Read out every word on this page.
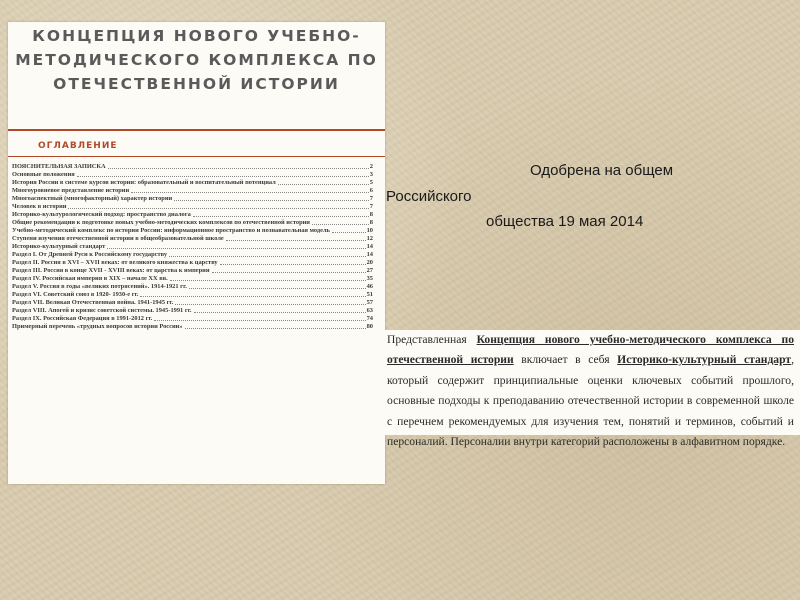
КОНЦЕПЦИЯ НОВОГО УЧЕБНО-
МЕТОДИЧЕСКОГО КОМПЛЕКСА ПО
ОТЕЧЕСТВЕННОЙ ИСТОРИИ
ОГЛАВЛЕНИЕ
ПОЯСНИТЕЛЬНАЯ ЗАПИСКА	2
Основные положения	3
История России в системе курсов истории: образовательный и воспитательный потенциал	5
Многоуровневое представление истории	6
Многоаспектный (многофакторный) характер истории	7
Человек в истории	7
Историко-культурологический подход: пространство диалога	8
Общие рекомендации к подготовке новых учебно-методических комплексов по отечественной истории	8
Учебно-методический комплекс по истории России: информационное пространство и познавательная модель	10
Ступени изучения отечественной истории в общеобразовательной школе	12
Историко-культурный стандарт	14
Раздел I. От Древней Руси к Российскому государству	14
Раздел II. Россия в XVI – XVII веках: от великого княжества к царству	20
Раздел III. Россия в конце XVII - XVIII веках: от царства к империи	27
Раздел IV. Российская империя в XIX – начале XX вв.	35
Раздел V. Россия в годы «великих потрясений». 1914-1921 гг.	46
Раздел VI. Советский союз в 1920- 1930-е гг.	51
Раздел VII. Великая Отечественная война. 1941-1945 гг.	57
Раздел VIII. Апогей и кризис советской системы. 1945-1991 гг.	63
Раздел IX. Российская Федерация в 1991-2012 гг.	74
Примерный перечень «трудных вопросов истории России»	80
Одобрена на общем
Российского
общества 19 мая 2014
Представленная Концепция нового учебно-методического комплекса по отечественной истории включает в себя Историко-культурный стандарт, который содержит принципиальные оценки ключевых событий прошлого, основные подходы к преподаванию отечественной истории в современной школе с перечнем рекомендуемых для изучения тем, понятий и терминов, событий и персоналий. Персоналии внутри категорий расположены в алфавитном порядке.
